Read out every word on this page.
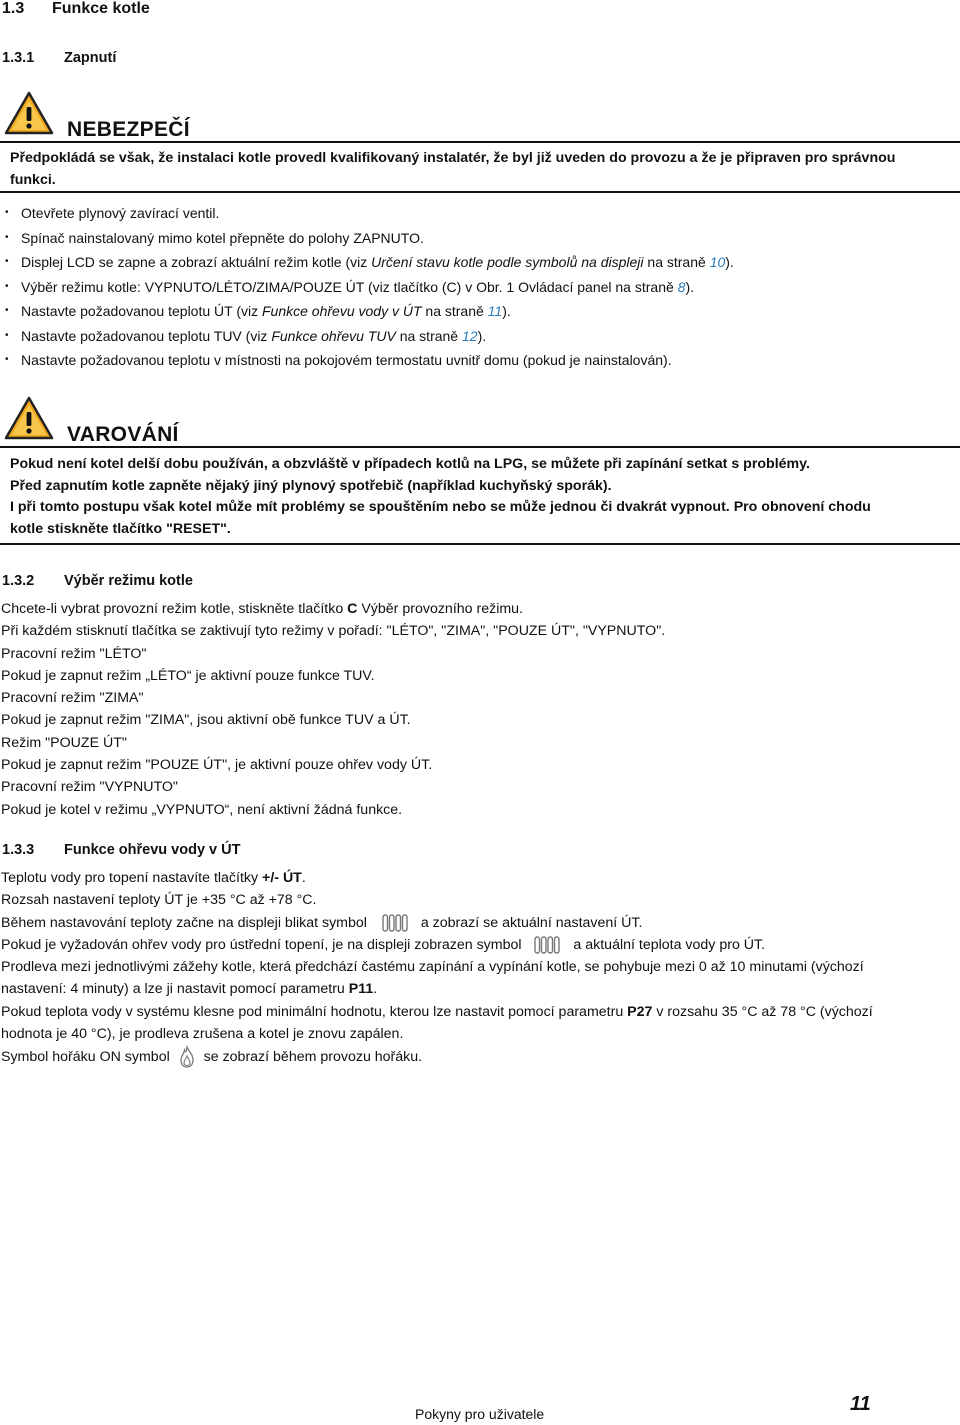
1.3 Funkce kotle
1.3.1 Zapnutí
NEBEZPEČÍ
Předpokládá se však, že instalaci kotle provedl kvalifikovaný instalatér, že byl již uveden do provozu a že je připraven pro správnou
funkci.
• Otevřete plynový zavírací ventil.
• Spínač nainstalovaný mimo kotel přepněte do polohy ZAPNUTO.
• Displej LCD se zapne a zobrazí aktuální režim kotle (viz Určení stavu kotle podle symbolů na displeji na straně 10).
• Výběr režimu kotle: VYPNUTO/LÉTO/ZIMA/POUZE ÚT (viz tlačítko (C) v Obr. 1 Ovládací panel na straně 8).
• Nastavte požadovanou teplotu ÚT (viz Funkce ohřevu vody v ÚT na straně 11).
• Nastavte požadovanou teplotu TUV (viz Funkce ohřevu TUV na straně 12).
• Nastavte požadovanou teplotu v místnosti na pokojovém termostatu uvnitř domu (pokud je nainstalován).
VAROVÁNÍ
Pokud není kotel delší dobu používán, a obzvláště v případech kotlů na LPG, se můžete při zapínání setkat s problémy.
Před zapnutím kotle zapněte nějaký jiný plynový spotřebič (například kuchyňský sporák).
I při tomto postupu však kotel může mít problémy se spouštěním nebo se může jednou či dvakrát vypnout. Pro obnovení chodu
kotle stiskněte tlačítko "RESET".
1.3.2 Výběr režimu kotle
Chcete-li vybrat provozní režim kotle, stiskněte tlačítko C Výběr provozního režimu.
Při každém stisknutí tlačítka se zaktivují tyto režimy v pořadí: "LÉTO", "ZIMA", "POUZE ÚT", "VYPNUTO".
Pracovní režim "LÉTO"
Pokud je zapnut režim „LÉTO“ je aktivní pouze funkce TUV.
Pracovní režim "ZIMA"
Pokud je zapnut režim "ZIMA", jsou aktivní obě funkce TUV a ÚT.
Režim "POUZE ÚT"
Pokud je zapnut režim "POUZE ÚT", je aktivní pouze ohřev vody ÚT.
Pracovní režim "VYPNUTO"
Pokud je kotel v režimu „VYPNUTO“, není aktivní žádná funkce.
1.3.3 Funkce ohřevu vody v ÚT
Teplotu vody pro topení nastavíte tlačítky +/- ÚT.
Rozsah nastavení teploty ÚT je +35 °C až +78 °C.
Během nastavování teploty začne na displeji blikat symbol	a zobrazí se aktuální nastavení ÚT.
Pokud je vyžadován ohřev vody pro ústřední topení, je na displeji zobrazen symbol	a aktuální teplota vody pro ÚT.
Prodleva mezi jednotlivými zážehy kotle, která předchází častému zapínání a vypínání kotle, se pohybuje mezi 0 až 10 minutami (výchozí
nastavení: 4 minuty) a lze ji nastavit pomocí parametru P11.
Pokud teplota vody v systému klesne pod minimální hodnotu, kterou lze nastavit pomocí parametru P27 v rozsahu 35 °C až 78 °C (výchozí
hodnota je 40 °C), je prodleva zrušena a kotel je znovu zapálen.
Symbol hořáku ON symbol se zobrazí během provozu hořáku.
Pokyny pro uživatele	11
